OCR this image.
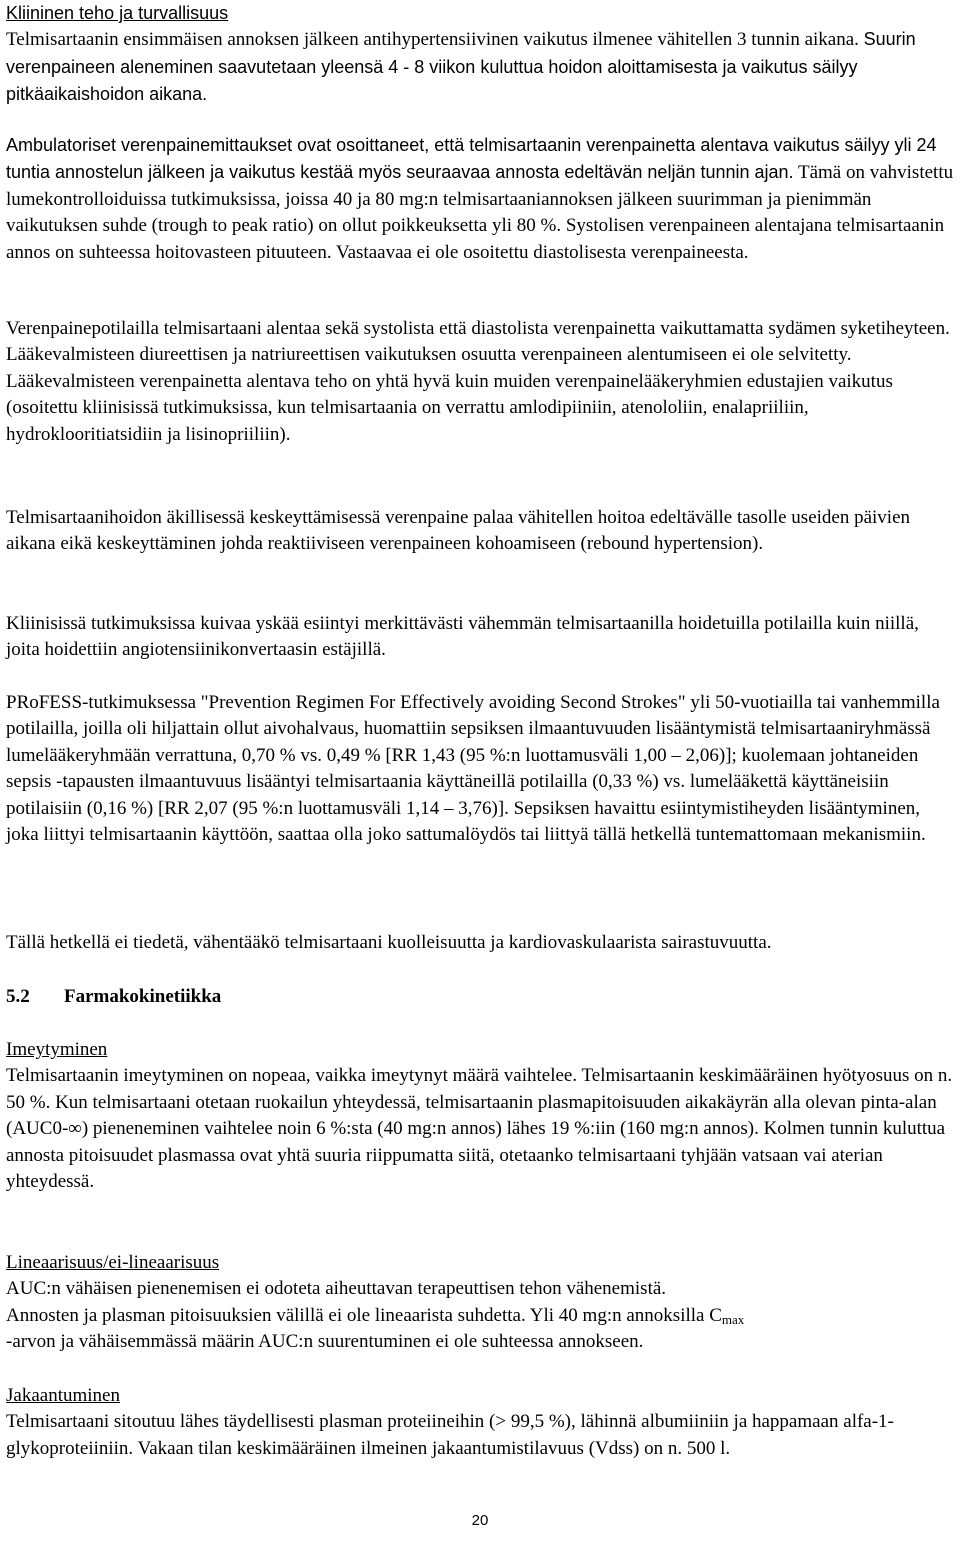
Kliininen teho ja turvallisuus

Telmisartaanin ensimmäisen annoksen jälkeen antihypertensiivinen vaikutus ilmenee vähitellen 3 tunnin aikana. Suurin verenpaineen aleneminen saavutetaan yleensä 4 - 8 viikon kuluttua hoidon aloittamisesta ja vaikutus säilyy pitkäaikaishoidon aikana.

Ambulatoriset verenpainemittaukset ovat osoittaneet, että telmisartaanin verenpainetta alentava vaikutus säilyy yli 24 tuntia annostelun jälkeen ja vaikutus kestää myös seuraavaa annosta edeltävän neljän tunnin ajan. Tämä on vahvistettu lumekontrolloiduissa tutkimuksissa, joissa 40 ja 80 mg:n telmisartaaniannoksen jälkeen suurimman ja pienimmän vaikutuksen suhde (trough to peak ratio) on ollut poikkeuksetta yli 80 %. Systolisen verenpaineen alentajana telmisartaanin annos on suhteessa hoitovasteen pituuteen. Vastaavaa ei ole osoitettu diastolisesta verenpaineesta.

Verenpainepotilailla telmisartaani alentaa sekä systolista että diastolista verenpainetta vaikuttamatta sydämen syketiheyteen. Lääkevalmisteen diureettisen ja natriureettisen vaikutuksen osuutta verenpaineen alentumiseen ei ole selvitetty. Lääkevalmisteen verenpainetta alentava teho on yhtä hyvä kuin muiden verenpainelääkeryhmien edustajien vaikutus (osoitettu kliinisissä tutkimuksissa, kun telmisartaania on verrattu amlodipiiniin, atenololiin, enalapriiliin, hydroklooritiatsidiin ja lisinopriiliin).

Telmisartaanihoidon äkillisessä keskeyttämisessä verenpaine palaa vähitellen hoitoa edeltävälle tasolle useiden päivien aikana eikä keskeyttäminen johda reaktiiviseen verenpaineen kohoamiseen (rebound hypertension).

Kliinisissä tutkimuksissa kuivaa yskää esiintyi merkittävästi vähemmän telmisartaanilla hoidetuilla potilailla kuin niillä, joita hoidettiin angiotensiinikonvertaasin estäjillä.

PRoFESS-tutkimuksessa "Prevention Regimen For Effectively avoiding Second Strokes" yli 50-vuotiailla tai vanhemmilla potilailla, joilla oli hiljattain ollut aivohalvaus, huomattiin sepsiksen ilmaantuvuuden lisääntymistä telmisartaaniryhmässä lumelääkeryhmään verrattuna, 0,70 % vs. 0,49 % [RR 1,43 (95 %:n luottamusväli 1,00 – 2,06)]; kuolemaan johtaneiden sepsis -tapausten ilmaantuvuus lisääntyi telmisartaania käyttäneillä potilailla (0,33 %) vs. lumelääkettä käyttäneisiin potilaisiin (0,16 %) [RR 2,07 (95 %:n luottamusväli 1,14 – 3,76)]. Sepsiksen havaittu esiintymistiheyden lisääntyminen, joka liittyi telmisartaanin käyttöön, saattaa olla joko sattumalöydös tai liittyä tällä hetkellä tuntemattomaan mekanismiin.

Tällä hetkellä ei tiedetä, vähentääkö telmisartaani kuolleisuutta ja kardiovaskulaarista sairastuvuutta.

5.2 Farmakokinetiikka

Imeytyminen

Telmisartaanin imeytyminen on nopeaa, vaikka imeytynyt määrä vaihtelee. Telmisartaanin keskimääräinen hyötyosuus on n. 50 %. Kun telmisartaani otetaan ruokailun yhteydessä, telmisartaanin plasmapitoisuuden aikakäyrän alla olevan pinta-alan (AUC0-∞) pieneneminen vaihtelee noin 6 %:sta (40 mg:n annos) lähes 19 %:iin (160 mg:n annos). Kolmen tunnin kuluttua annosta pitoisuudet plasmassa ovat yhtä suuria riippumatta siitä, otetaanko telmisartaani tyhjään vatsaan vai aterian yhteydessä.

Lineaarisuus/ei-lineaarisuus

AUC:n vähäisen pienenemisen ei odoteta aiheuttavan terapeuttisen tehon vähenemistä.

Annosten ja plasman pitoisuuksien välillä ei ole lineaarista suhdetta. Yli 40 mg:n annoksilla $C_{max}$

-arvon ja vähäisemmässä määrin AUC:n suurentuminen ei ole suhteessa annokseen.

Jakaantuminen

Telmisartaani sitoutuu lähes täydellisesti plasman proteiineihin (> 99,5 %), lähinnä albumiiniin ja happamaan alfa-1-glykoproteiiniin. Vakaan tilan keskimääräinen ilmeinen jakaantumistilavuus (Vdss) on n. 500 l.

20
